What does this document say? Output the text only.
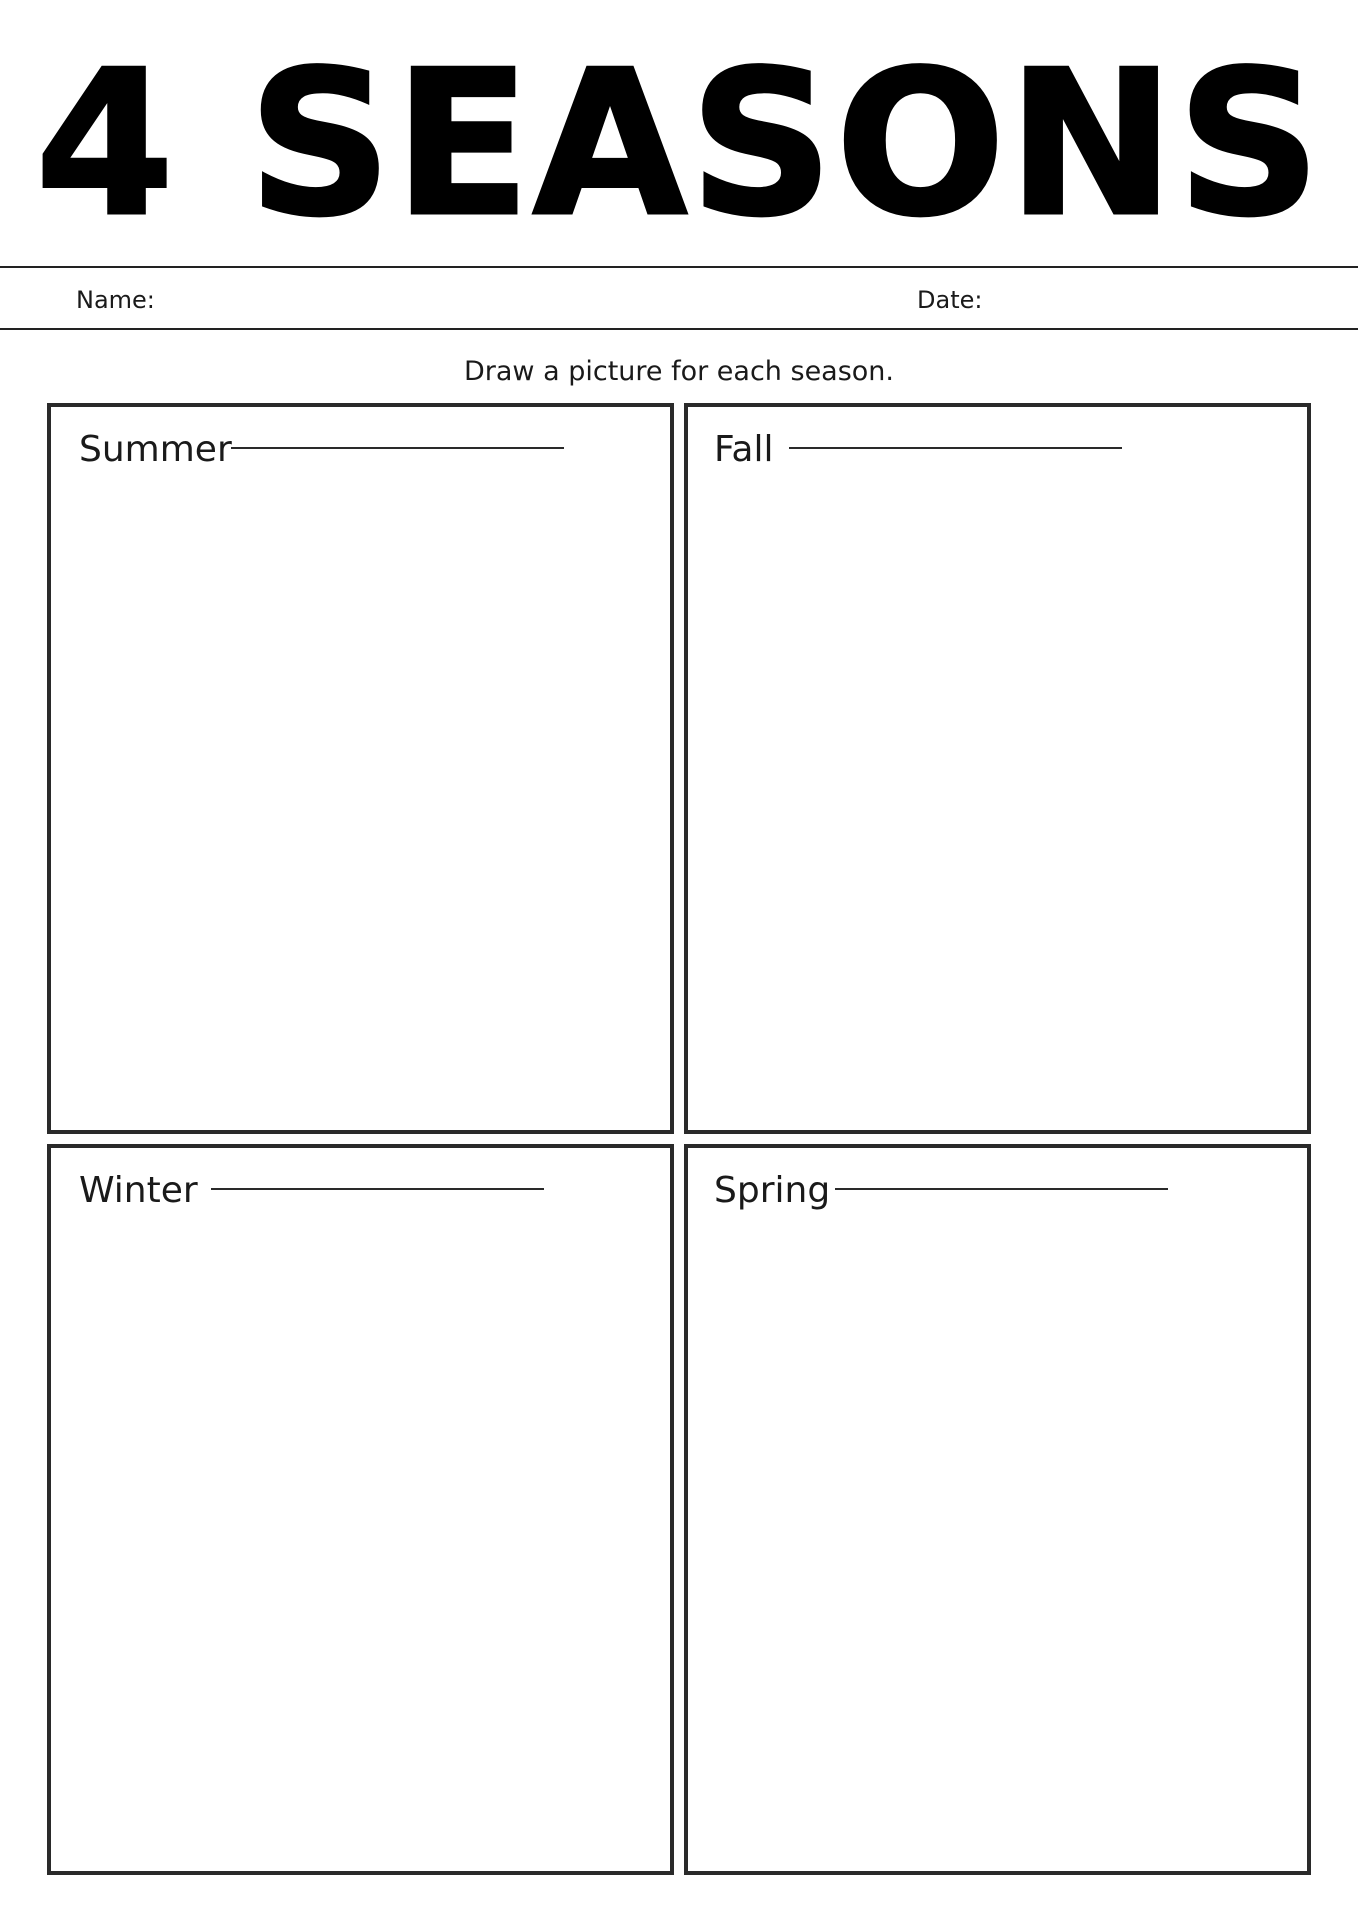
4 SEASONS
Name:	Date:
Draw a picture for each season.
Summer	Fall
Winter	Spring
